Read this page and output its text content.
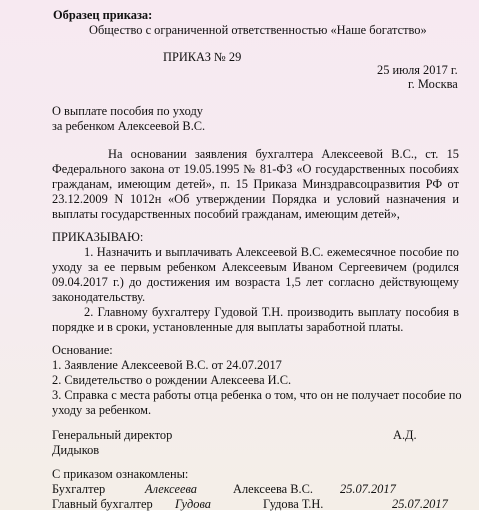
Образец приказа:
Общество с ограниченной ответственностью «Наше богатство»
ПРИКАЗ № 29
25 июля 2017 г.
г. Москва
О выплате пособия по уходу
за ребенком Алексеевой В.С.
На основании заявления бухгалтера Алексеевой В.С., ст. 15
Федерального закона от 19.05.1995 № 81-ФЗ «О государственных пособиях
гражданам, имеющим детей», п. 15 Приказа Минздравсоцразвития РФ от
23.12.2009 N 1012н «Об утверждении Порядка и условий назначения и
выплаты государственных пособий гражданам, имеющим детей»,
ПРИКАЗЫВАЮ:
1. Назначить и выплачивать Алексеевой В.С. ежемесячное пособие по
уходу за ее первым ребенком Алексеевым Иваном Сергеевичем (родился
09.04.2017 г.) до достижения им возраста 1,5 лет согласно действующему
законодательству.
2. Главному бухгалтеру Гудовой Т.Н. производить выплату пособия в
порядке и в сроки, установленные для выплаты заработной платы.
Основание:
1. Заявление Алексеевой В.С. от 24.07.2017
2. Свидетельство о рождении Алексеева И.С.
3. Справка с места работы отца ребенка о том, что он не получает пособие по
уходу за ребенком.
Генеральный директор	А.Д.
Дидыков
С приказом ознакомлены:
Бухгалтер	Алексеева	Алексеева В.С. 25.07.2017
Главный бухгалтер Гудова	Гудова Т.Н.	25.07.2017
